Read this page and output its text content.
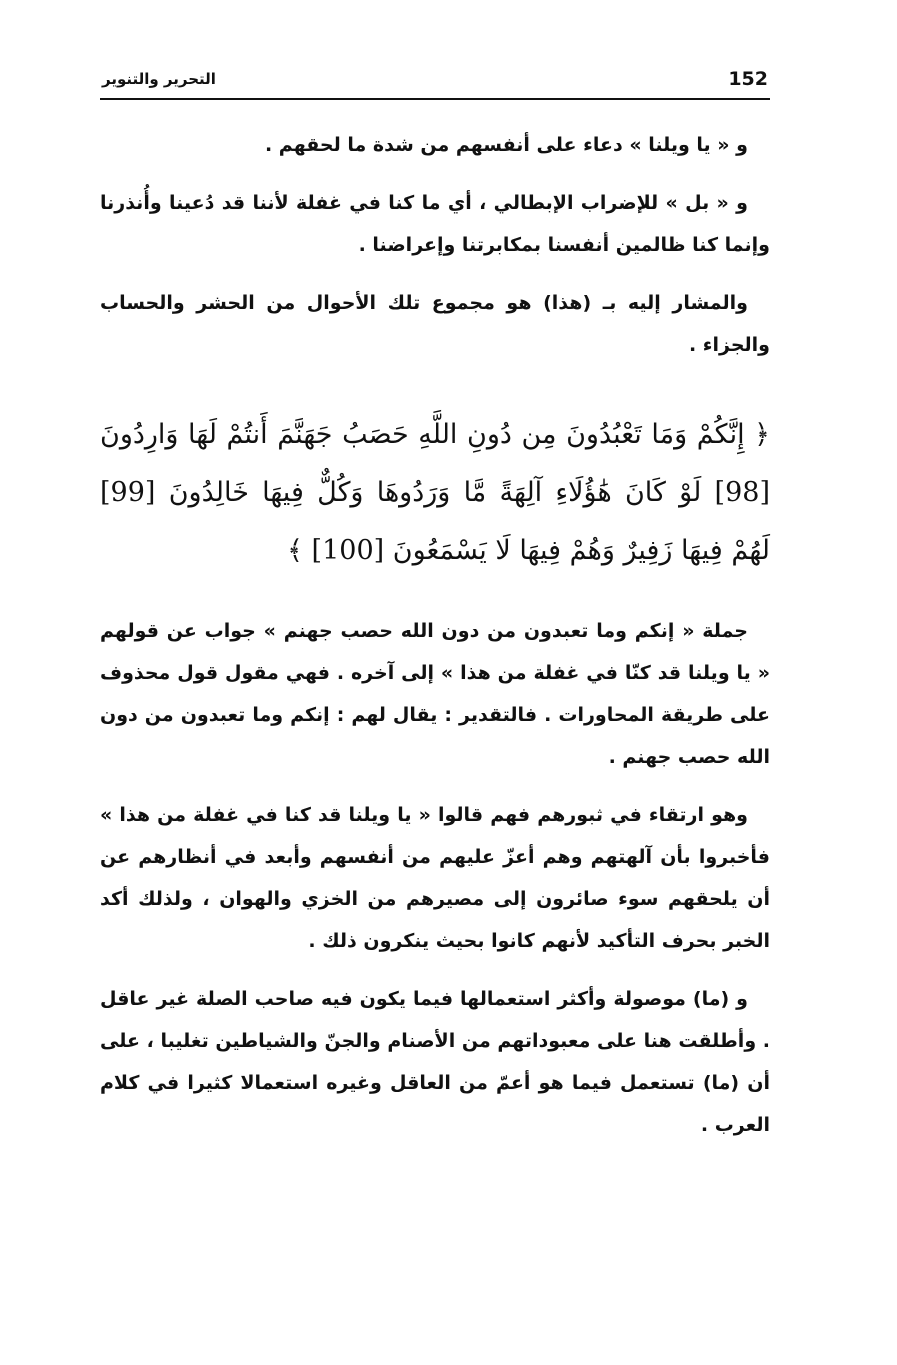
152
التحرير والتنوير

و « يا ويلنا » دعاء على أنفسهم من شدة ما لحقهم .

و « بل » للإضراب الإبطالي ، أي ما كنا في غفلة لأننا قد دُعينا وأُنذرنا وإنما كنا ظالمين أنفسنا بمكابرتنا وإعراضنا .

والمشار إليه بـ (هذا) هو مجموع تلك الأحوال من الحشر والحساب والجزاء .

﴿ إِنَّكُمْ وَمَا تَعْبُدُونَ مِن دُونِ اللَّهِ حَصَبُ جَهَنَّمَ أَنتُمْ لَهَا وَارِدُونَ [98] لَوْ كَانَ هَٰؤُلَاءِ آلِهَةً مَّا وَرَدُوهَا وَكُلٌّ فِيهَا خَالِدُونَ [99] لَهُمْ فِيهَا زَفِيرٌ وَهُمْ فِيهَا لَا يَسْمَعُونَ [100] ﴾

جملة « إنكم وما تعبدون من دون الله حصب جهنم » جواب عن قولهم « يا ويلنا قد كنّا في غفلة من هذا » إلى آخره . فهي مقول قول محذوف على طريقة المحاورات . فالتقدير : يقال لهم : إنكم وما تعبدون من دون الله حصب جهنم .

وهو ارتقاء في ثبورهم فهم قالوا « يا ويلنا قد كنا في غفلة من هذا » فأخبروا بأن آلهتهم وهم أعزّ عليهم من أنفسهم وأبعد في أنظارهم عن أن يلحقهم سوء صائرون إلى مصيرهم من الخزي والهوان ، ولذلك أكد الخبر بحرف التأكيد لأنهم كانوا بحيث ينكرون ذلك .

و (ما) موصولة وأكثر استعمالها فيما يكون فيه صاحب الصلة غير عاقل . وأطلقت هنا على معبوداتهم من الأصنام والجنّ والشياطين تغليبا ، على أن (ما) تستعمل فيما هو أعمّ من العاقل وغيره استعمالا كثيرا في كلام العرب .
